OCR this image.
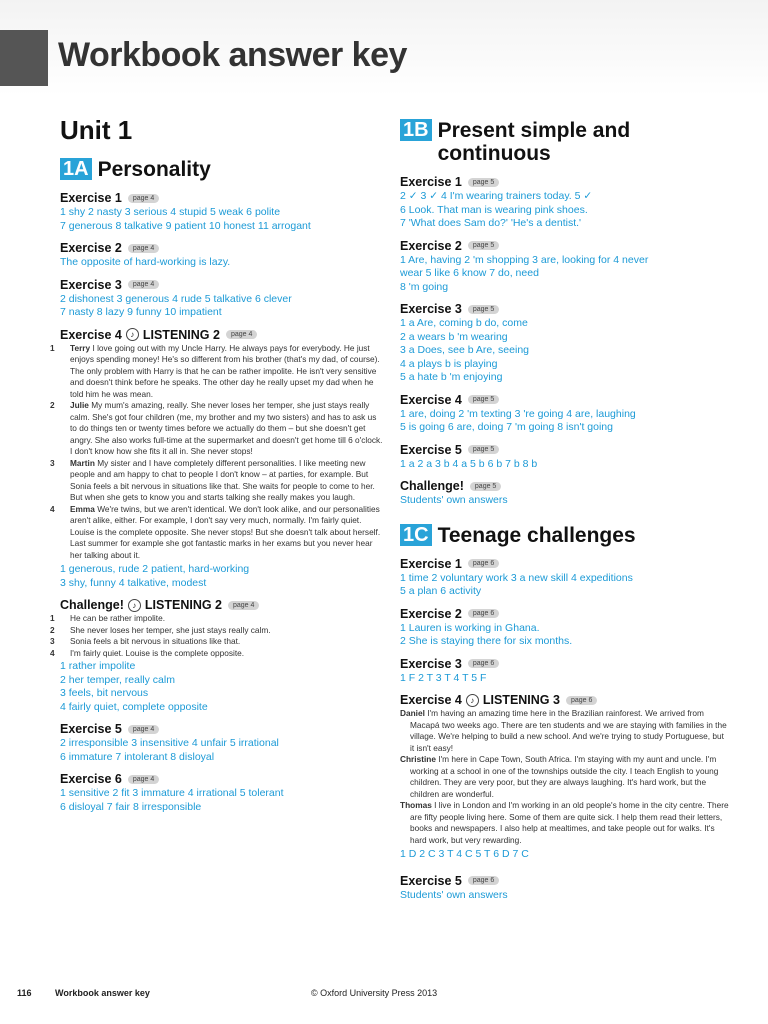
Workbook answer key
Unit 1
1A Personality
Exercise 1	page 4
1 shy 2 nasty 3 serious 4 stupid 5 weak 6 polite
7 generous 8 talkative 9 patient 10 honest 11 arrogant
Exercise 2	page 4
The opposite of hard-working is lazy.
Exercise 3	page 4
2 dishonest 3 generous 4 rude 5 talkative 6 clever
7 nasty 8 lazy 9 funny 10 impatient
Exercise 4	♪ LISTENING 2	page 4

1 Terry I love going out with my Uncle Harry. He always pays for everybody. He just enjoys spending money! He's so different from his brother (that's my dad, of course). The only problem with Harry is that he can be rather impolite. He isn't very sensitive and doesn't think before he speaks. The other day he really upset my dad when he told him he was mean.

2 Julie My mum's amazing, really. She never loses her temper, she just stays really calm. She's got four children (me, my brother and my two sisters) and has to ask us to do things ten or twenty times before we actually do them – but she doesn't get angry. She also works full-time at the supermarket and doesn't get home till 6 o'clock. I don't know how she fits it all in. She never stops!

3 Martin My sister and I have completely different personalities. I like meeting new people and am happy to chat to people I don't know – at parties, for example. But Sonia feels a bit nervous in situations like that. She waits for people to come to her. But when she gets to know you and starts talking she really makes you laugh.

4 Emma We're twins, but we aren't identical. We don't look alike, and our personalities aren't alike, either. For example, I don't say very much, normally. I'm fairly quiet. Louise is the complete opposite. She never stops! But she doesn't talk about herself. Last summer for example she got fantastic marks in her exams but you never hear her talking about it.

1 generous, rude 2 patient, hard-working
3 shy, funny 4 talkative, modest
Challenge!	♪ LISTENING 2	page 4

1 He can be rather impolite.

2 She never loses her temper, she just stays really calm.

3 Sonia feels a bit nervous in situations like that.

4 I'm fairly quiet. Louise is the complete opposite.

1 rather impolite
2 her temper, really calm
3 feels, bit nervous
4 fairly quiet, complete opposite
Exercise 5	page 4
2 irresponsible 3 insensitive 4 unfair 5 irrational
6 immature 7 intolerant 8 disloyal
Exercise 6	page 4
1 sensitive 2 fit 3 immature 4 irrational 5 tolerant
6 disloyal 7 fair 8 irresponsible
1B Present simple and continuous
Exercise 1	page 5
2 ✓ 3 ✓ 4 I'm wearing trainers today. 5 ✓
6 Look. That man is wearing pink shoes.
7 'What does Sam do?' 'He's a dentist.'
Exercise 2	page 5
1 Are, having 2 'm shopping 3 are, looking for 4 never
wear 5 like 6 know 7 do, need
8 'm going
Exercise 3	page 5
1 a Are, coming b do, come
2 a wears b 'm wearing
3 a Does, see b Are, seeing
4 a plays b is playing
5 a hate b 'm enjoying
Exercise 4	page 5
1 are, doing 2 'm texting 3 're going 4 are, laughing
5 is going 6 are, doing 7 'm going 8 isn't going
Exercise 5	page 5
1 a 2 a 3 b 4 a 5 b 6 b 7 b 8 b
Challenge!	page 5
Students' own answers
1C Teenage challenges
Exercise 1	page 6
1 time 2 voluntary work 3 a new skill 4 expeditions
5 a plan 6 activity
Exercise 2	page 6
1 Lauren is working in Ghana.
2 She is staying there for six months.
Exercise 3	page 6
1 F 2 T 3 T 4 T 5 F
Exercise 4	♪ LISTENING 3	page 6

Daniel I'm having an amazing time here in the Brazilian rainforest. We arrived from Macapá two weeks ago. There are ten students and we are staying with families in the village. We're helping to build a new school. And we're trying to study Portuguese, but it isn't easy!

Christine I'm here in Cape Town, South Africa. I'm staying with my aunt and uncle. I'm working at a school in one of the townships outside the city. I teach English to young children. They are very poor, but they are always laughing. It's hard work, but the children are wonderful.

Thomas I live in London and I'm working in an old people's home in the city centre. There are fifty people living here. Some of them are quite sick. I help them read their letters, books and newspapers. I also help at mealtimes, and take people out for walks. It's hard work, but very rewarding.

1 D 2 C 3 T 4 C 5 T 6 D 7 C
Exercise 5	page 6
Students' own answers
116	Workbook answer key	© Oxford University Press 2013
